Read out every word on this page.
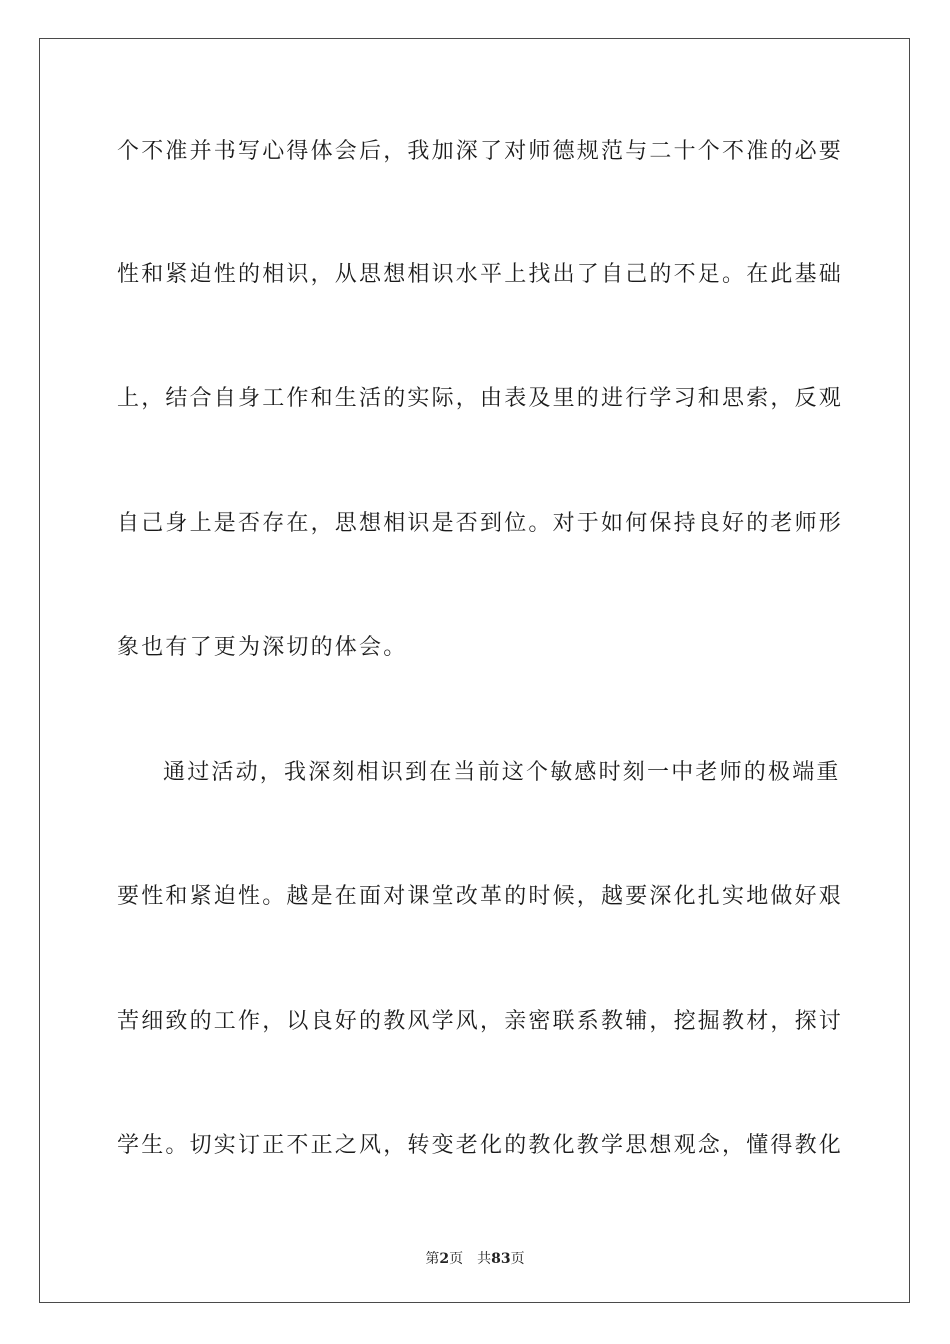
个不准并书写心得体会后，我加深了对师德规范与二十个不准的必要
性和紧迫性的相识，从思想相识水平上找出了自己的不足。在此基础
上，结合自身工作和生活的实际，由表及里的进行学习和思索，反观
自己身上是否存在，思想相识是否到位。对于如何保持良好的老师形
象也有了更为深切的体会。
通过活动，我深刻相识到在当前这个敏感时刻一中老师的极端重
要性和紧迫性。越是在面对课堂改革的时候，越要深化扎实地做好艰
苦细致的工作，以良好的教风学风，亲密联系教辅，挖掘教材，探讨
学生。切实订正不正之风，转变老化的教化教学思想观念，懂得教化
第2页 共83页
